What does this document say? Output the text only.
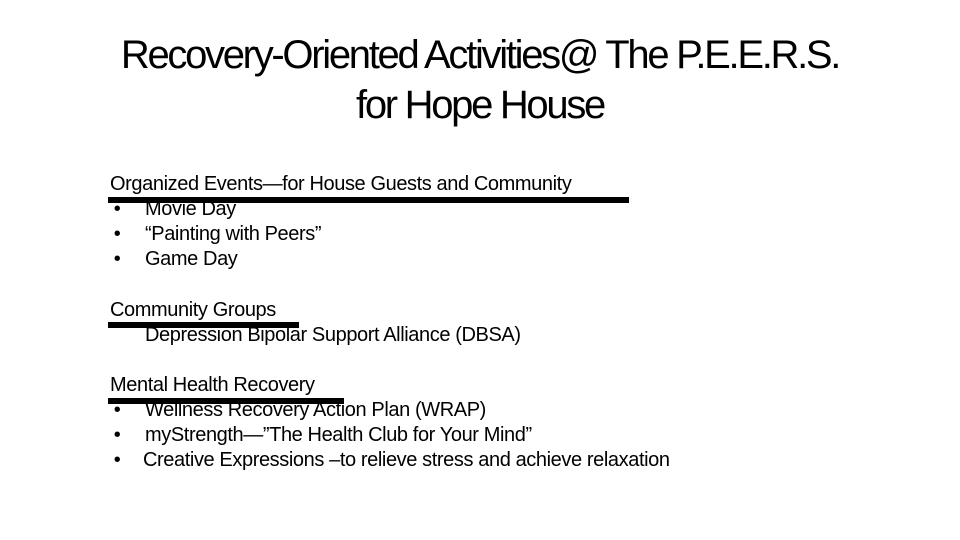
Recovery-Oriented Activities@ The P.E.E.R.S.
for Hope House
Organized Events—for House Guests and Community
• Movie Day
• “Painting with Peers”
• Game Day
Community Groups
Depression Bipolar Support Alliance (DBSA)
Mental Health Recovery
• Wellness Recovery Action Plan (WRAP)
• myStrength—”The Health Club for Your Mind”
• Creative Expressions –to relieve stress and achieve relaxation
